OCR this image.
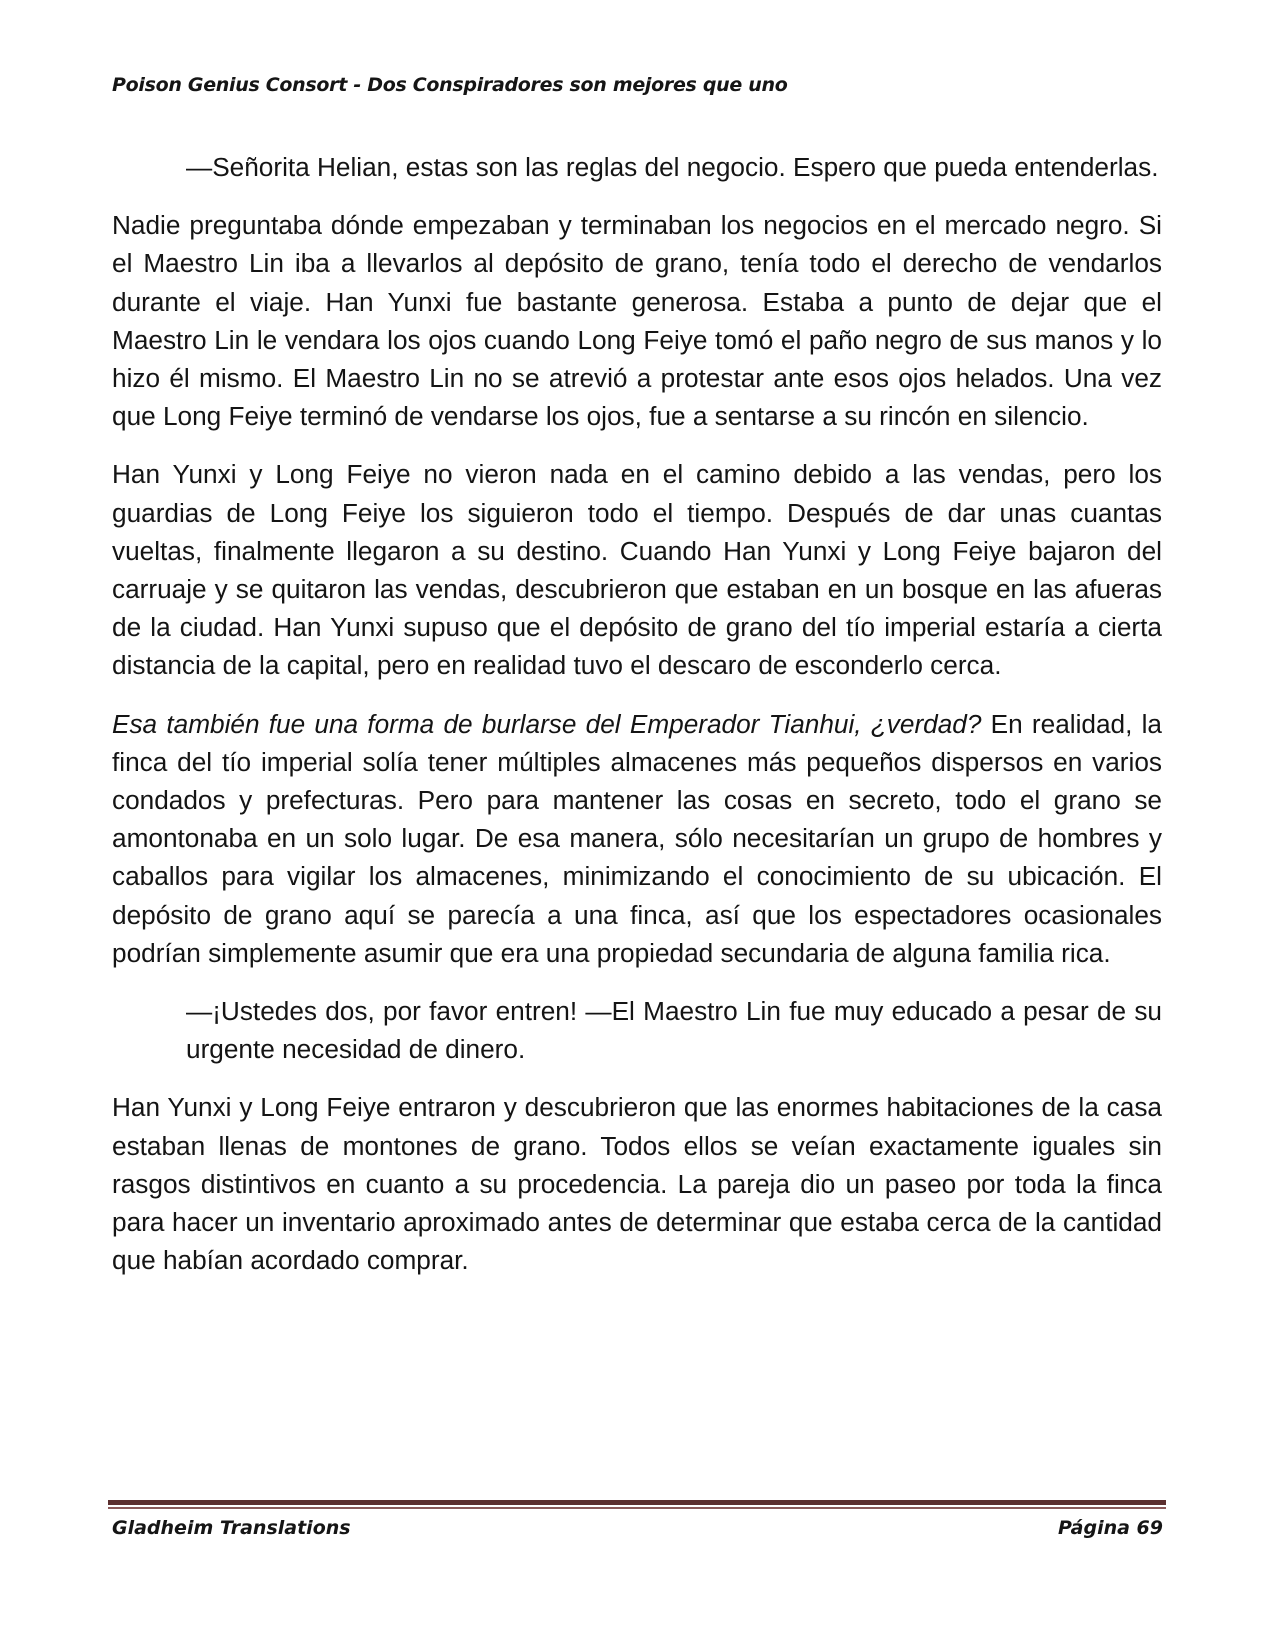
Poison Genius Consort - Dos Conspiradores son mejores que uno

—Señorita Helian, estas son las reglas del negocio. Espero que pueda entenderlas.

Nadie preguntaba dónde empezaban y terminaban los negocios en el mercado negro. Si el Maestro Lin iba a llevarlos al depósito de grano, tenía todo el derecho de vendarlos durante el viaje. Han Yunxi fue bastante generosa. Estaba a punto de dejar que el Maestro Lin le vendara los ojos cuando Long Feiye tomó el paño negro de sus manos y lo hizo él mismo. El Maestro Lin no se atrevió a protestar ante esos ojos helados. Una vez que Long Feiye terminó de vendarse los ojos, fue a sentarse a su rincón en silencio.

Han Yunxi y Long Feiye no vieron nada en el camino debido a las vendas, pero los guardias de Long Feiye los siguieron todo el tiempo. Después de dar unas cuantas vueltas, finalmente llegaron a su destino. Cuando Han Yunxi y Long Feiye bajaron del carruaje y se quitaron las vendas, descubrieron que estaban en un bosque en las afueras de la ciudad. Han Yunxi supuso que el depósito de grano del tío imperial estaría a cierta distancia de la capital, pero en realidad tuvo el descaro de esconderlo cerca.

Esa también fue una forma de burlarse del Emperador Tianhui, ¿verdad? En realidad, la finca del tío imperial solía tener múltiples almacenes más pequeños dispersos en varios condados y prefecturas. Pero para mantener las cosas en secreto, todo el grano se amontonaba en un solo lugar. De esa manera, sólo necesitarían un grupo de hombres y caballos para vigilar los almacenes, minimizando el conocimiento de su ubicación. El depósito de grano aquí se parecía a una finca, así que los espectadores ocasionales podrían simplemente asumir que era una propiedad secundaria de alguna familia rica.

—¡Ustedes dos, por favor entren! —El Maestro Lin fue muy educado a pesar de su urgente necesidad de dinero.

Han Yunxi y Long Feiye entraron y descubrieron que las enormes habitaciones de la casa estaban llenas de montones de grano. Todos ellos se veían exactamente iguales sin rasgos distintivos en cuanto a su procedencia. La pareja dio un paseo por toda la finca para hacer un inventario aproximado antes de determinar que estaba cerca de la cantidad que habían acordado comprar.

Gladheim Translations	Página 69
